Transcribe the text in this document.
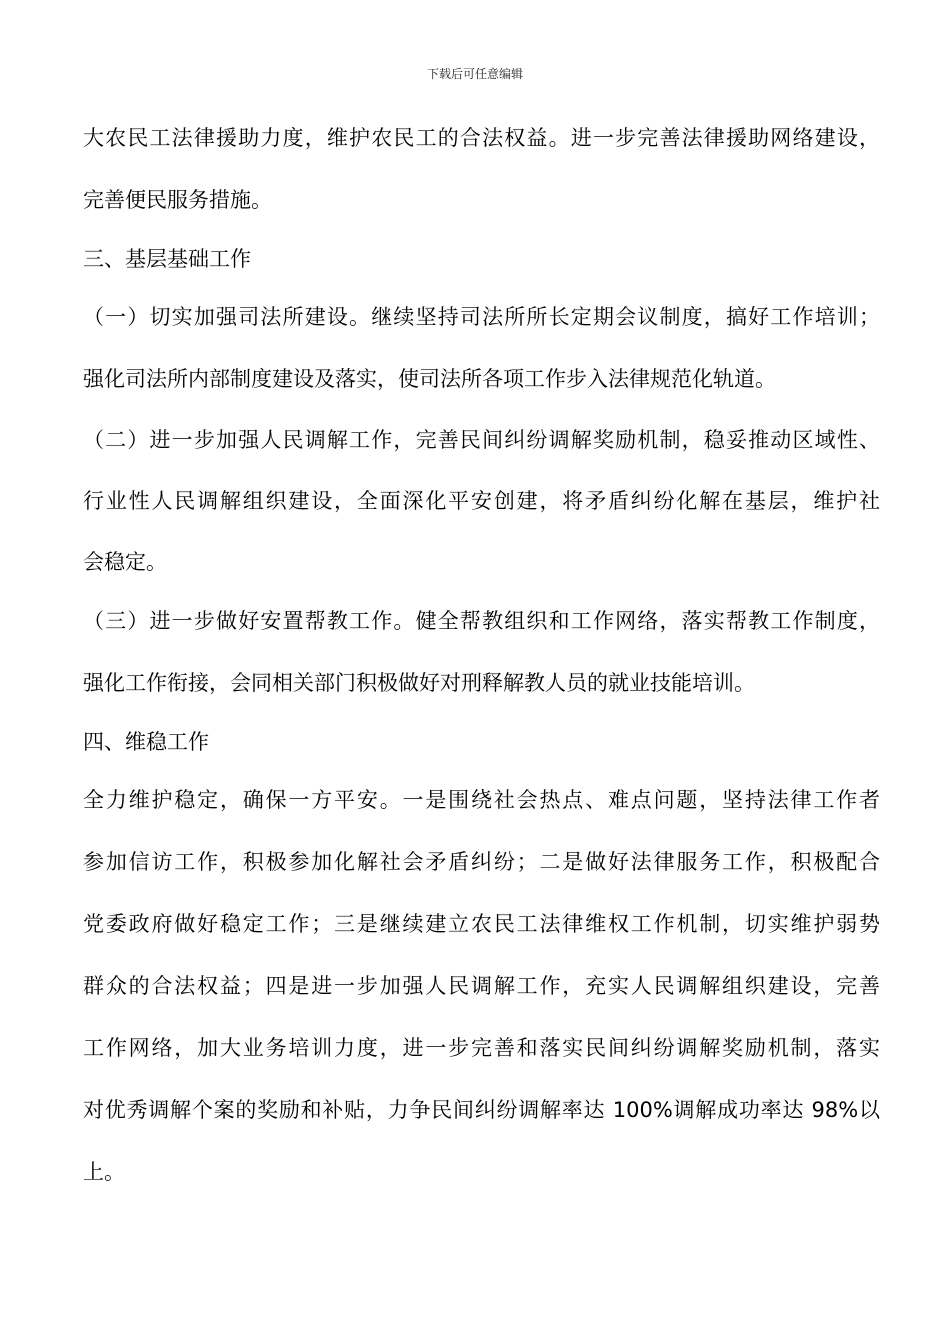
下载后可任意编辑
大农民工法律援助力度，维护农民工的合法权益。进一步完善法律援助网络建设，
完善便民服务措施。
三、基层基础工作
（一）切实加强司法所建设。继续坚持司法所所长定期会议制度，搞好工作培训；
强化司法所内部制度建设及落实，使司法所各项工作步入法律规范化轨道。
（二）进一步加强人民调解工作，完善民间纠纷调解奖励机制，稳妥推动区域性、
行业性人民调解组织建设，全面深化平安创建，将矛盾纠纷化解在基层，维护社
会稳定。
（三）进一步做好安置帮教工作。健全帮教组织和工作网络，落实帮教工作制度，
强化工作衔接，会同相关部门积极做好对刑释解教人员的就业技能培训。
四、维稳工作
全力维护稳定，确保一方平安。一是围绕社会热点、难点问题，坚持法律工作者
参加信访工作，积极参加化解社会矛盾纠纷；二是做好法律服务工作，积极配合
党委政府做好稳定工作；三是继续建立农民工法律维权工作机制，切实维护弱势
群众的合法权益；四是进一步加强人民调解工作，充实人民调解组织建设，完善
工作网络，加大业务培训力度，进一步完善和落实民间纠纷调解奖励机制，落实
对优秀调解个案的奖励和补贴，力争民间纠纷调解率达 100%调解成功率达 98%以
上。
